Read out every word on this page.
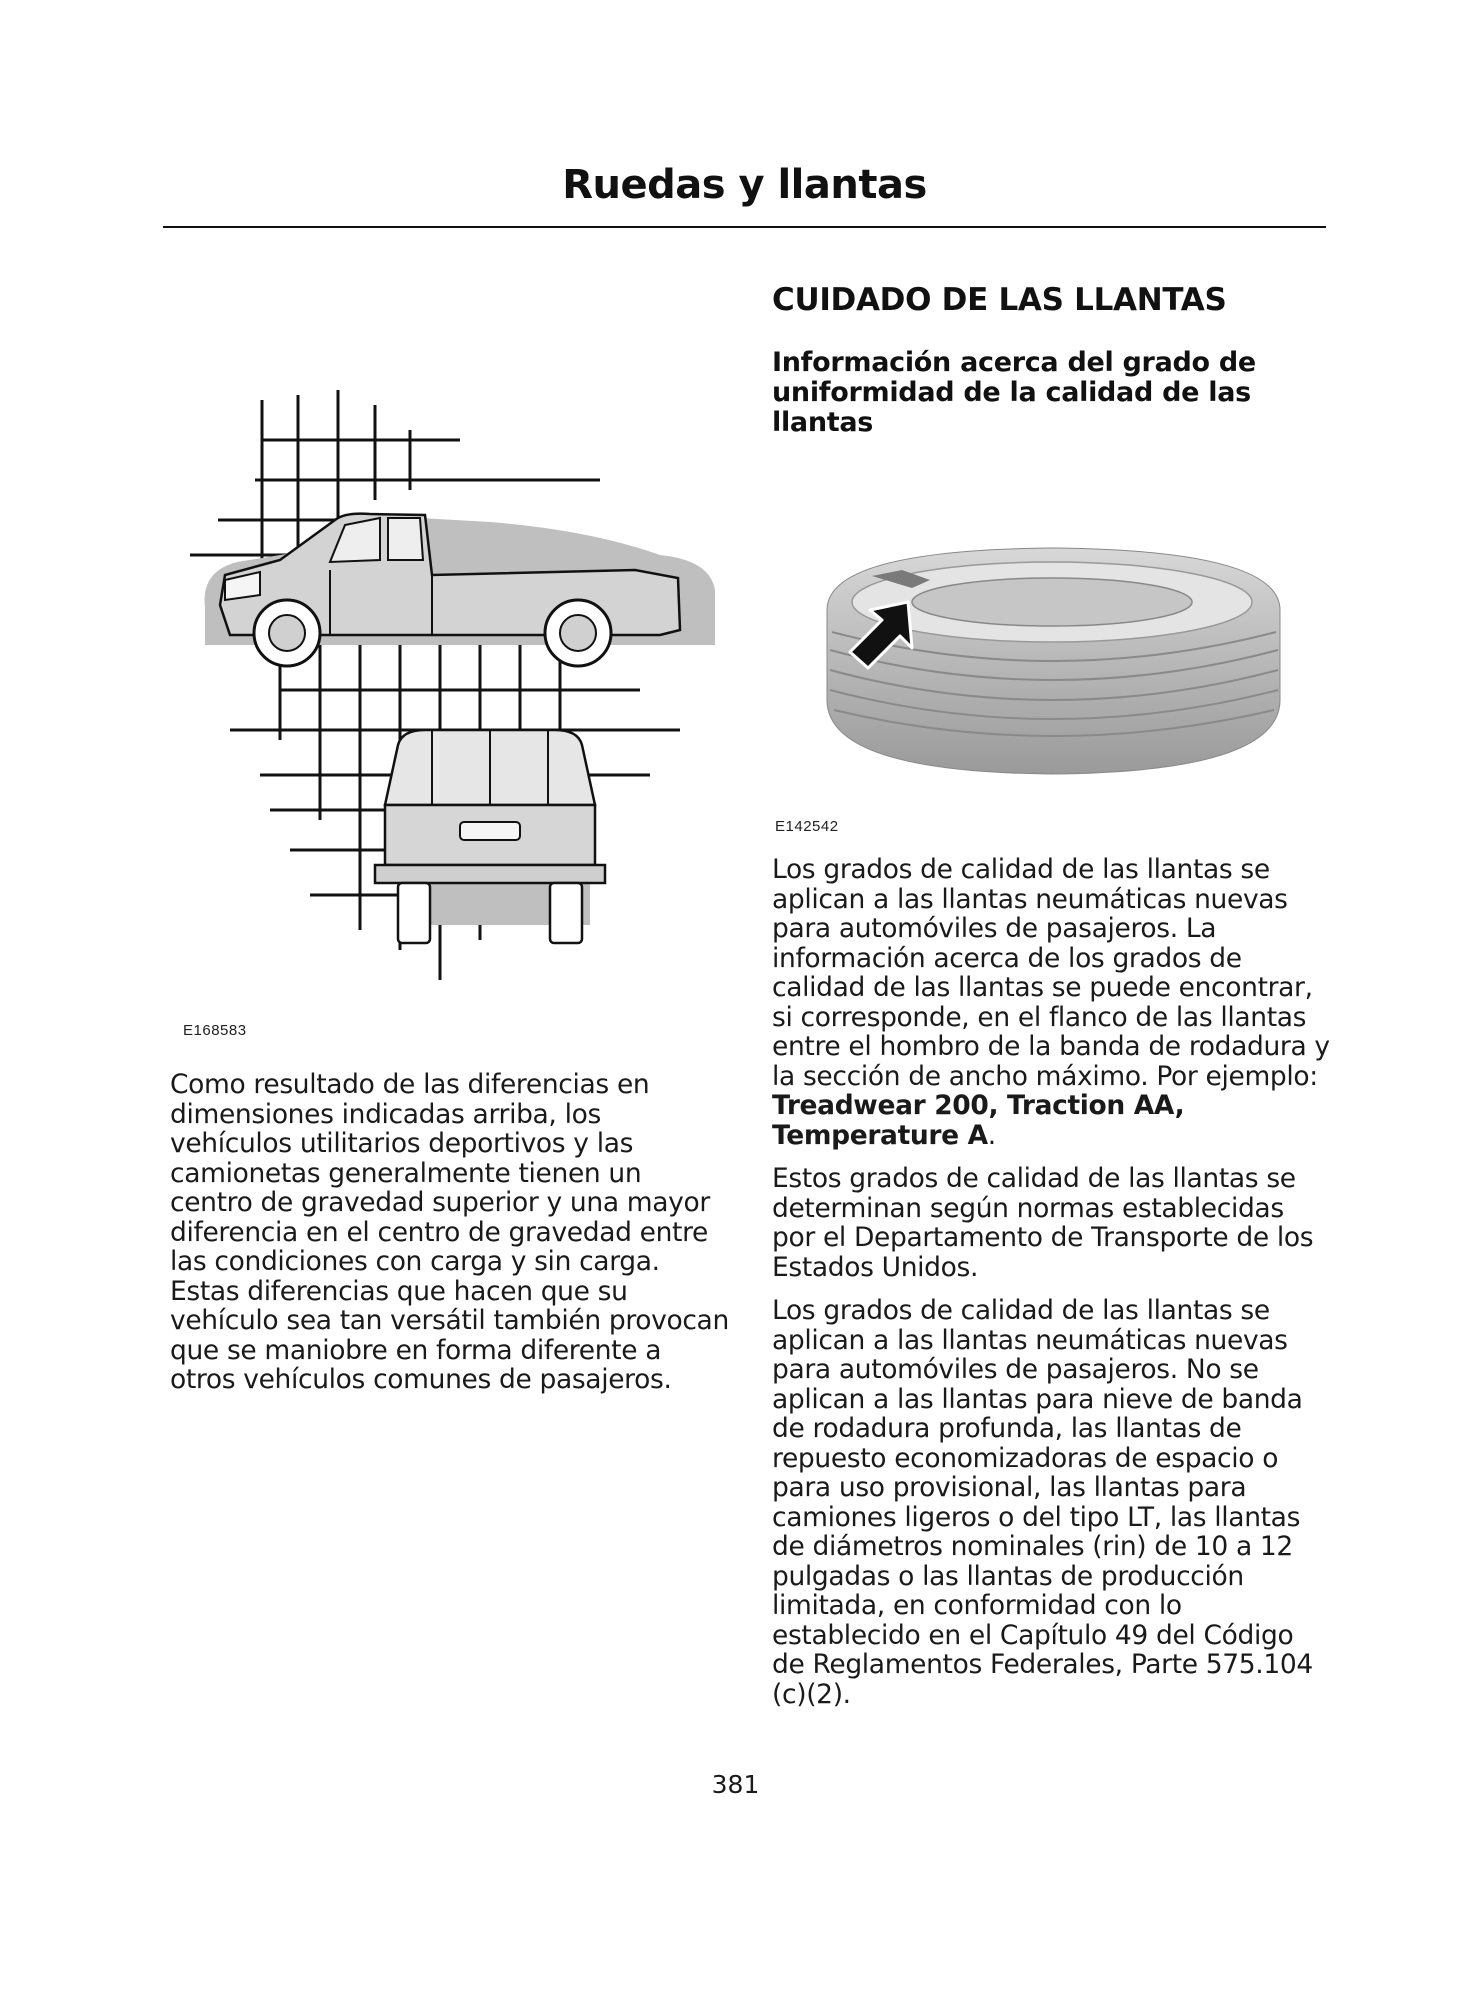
Ruedas y llantas
E168583

Como resultado de las diferencias en dimensiones indicadas arriba, los vehículos utilitarios deportivos y las camionetas generalmente tienen un centro de gravedad superior y una mayor diferencia en el centro de gravedad entre las condiciones con carga y sin carga. Estas diferencias que hacen que su vehículo sea tan versátil también provocan que se maniobre en forma diferente a otros vehículos comunes de pasajeros.

CUIDADO DE LAS LLANTAS
Información acerca del grado de uniformidad de la calidad de las llantas
E142542

Los grados de calidad de las llantas se aplican a las llantas neumáticas nuevas para automóviles de pasajeros. La información acerca de los grados de calidad de las llantas se puede encontrar, si corresponde, en el flanco de las llantas entre el hombro de la banda de rodadura y la sección de ancho máximo. Por ejemplo: Treadwear 200, Traction AA, Temperature A.

Estos grados de calidad de las llantas se determinan según normas establecidas por el Departamento de Transporte de los Estados Unidos.

Los grados de calidad de las llantas se aplican a las llantas neumáticas nuevas para automóviles de pasajeros. No se aplican a las llantas para nieve de banda de rodadura profunda, las llantas de repuesto economizadoras de espacio o para uso provisional, las llantas para camiones ligeros o del tipo LT, las llantas de diámetros nominales (rin) de 10 a 12 pulgadas o las llantas de producción limitada, en conformidad con lo establecido en el Capítulo 49 del Código de Reglamentos Federales, Parte 575.104 (c)(2).

381
